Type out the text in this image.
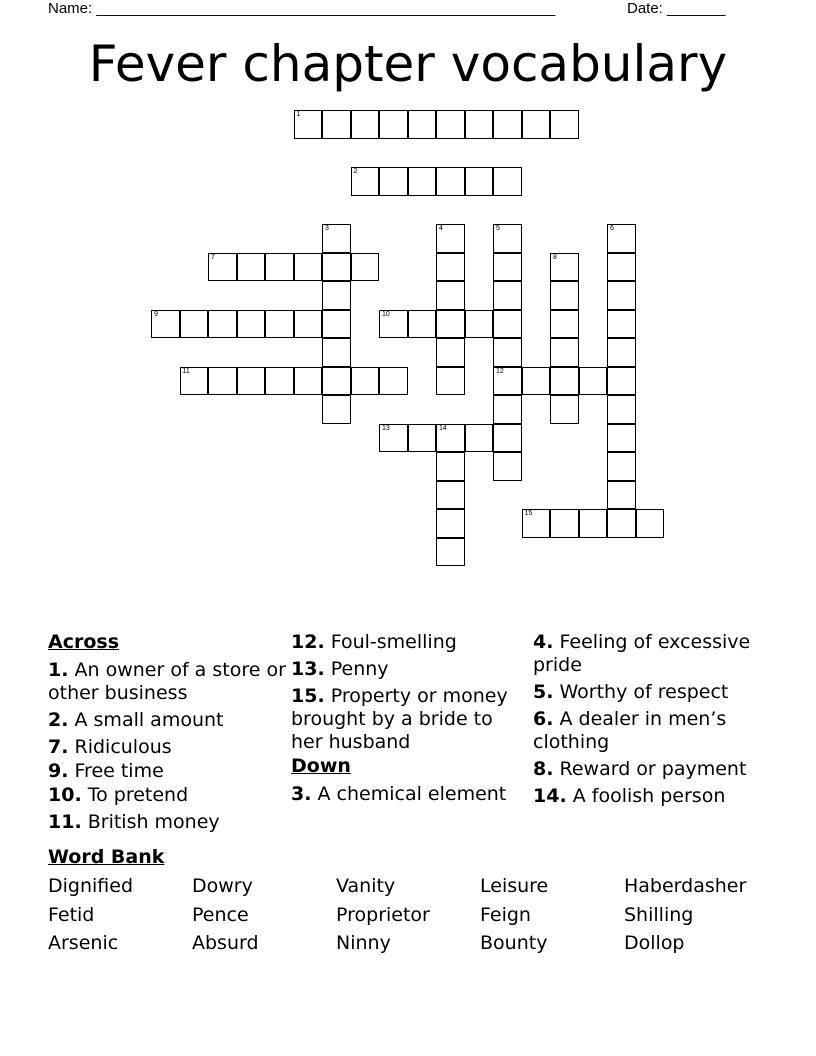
Name: _______________________________________________________	Date: _______
Fever chapter vocabulary
1
2
3	4	5
12
6
7	8
9	10
11
13	14
15
Across
1. An owner of a store or other business
2. A small amount
7. Ridiculous
9. Free time
10. To pretend
11. British money
12. Foul-smelling
13. Penny
15. Property or money brought by a bride to her husband
Down
3. A chemical element
4. Feeling of excessive pride
5. Worthy of respect
6. A dealer in men’s clothing
8. Reward or payment
14. A foolish person
Word Bank
Dignified	Dowry	Vanity	Leisure	Haberdasher
Fetid	Pence	Proprietor	Feign	Shilling
Arsenic	Absurd	Ninny	Bounty	Dollop
